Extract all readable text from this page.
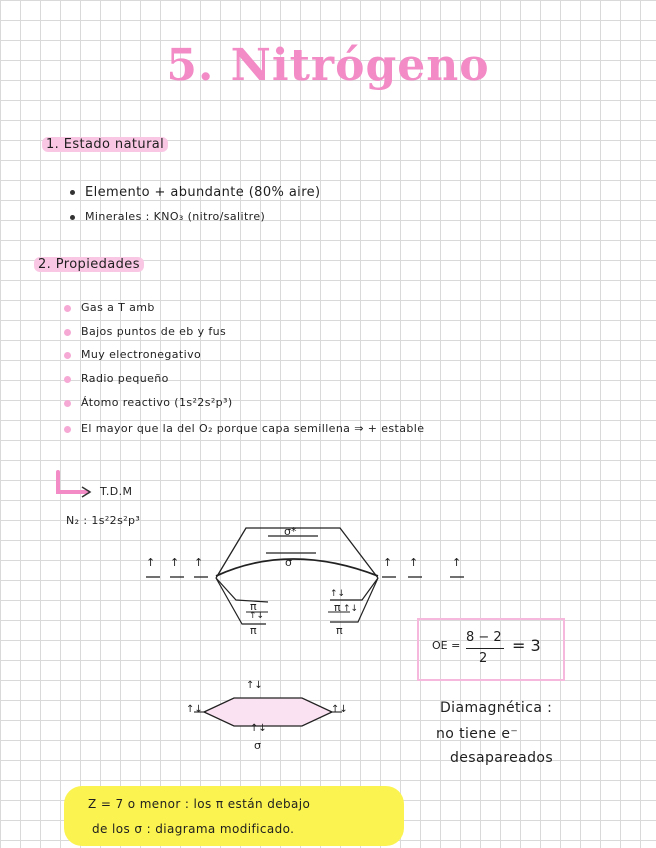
5. Nitrógeno
1. Estado natural
Elemento + abundante (80% aire)
Minerales : KNO₃ (nitro/salitre)
2. Propiedades
Gas a T amb
Bajos puntos de eb y fus
Muy electronegativo
Radio pequeño
Átomo reactivo (1s²2s²p³)
El mayor que la del O₂ porque capa semillena ⇒ + estable
T.D.M
N₂ : 1s²2s²p³
↑ ↑ ↑	↑ ↑	↑
σ*
σ
π
↑↓
π
↑↓
π ↑↓
π
OE =
8 − 2
2
= 3
↑↓
↑↓	↑↓
↑↓
σ
Diamagnética :
no tiene e⁻
desapareados
Z = 7 o menor : los π están debajo
de los σ : diagrama modificado.
